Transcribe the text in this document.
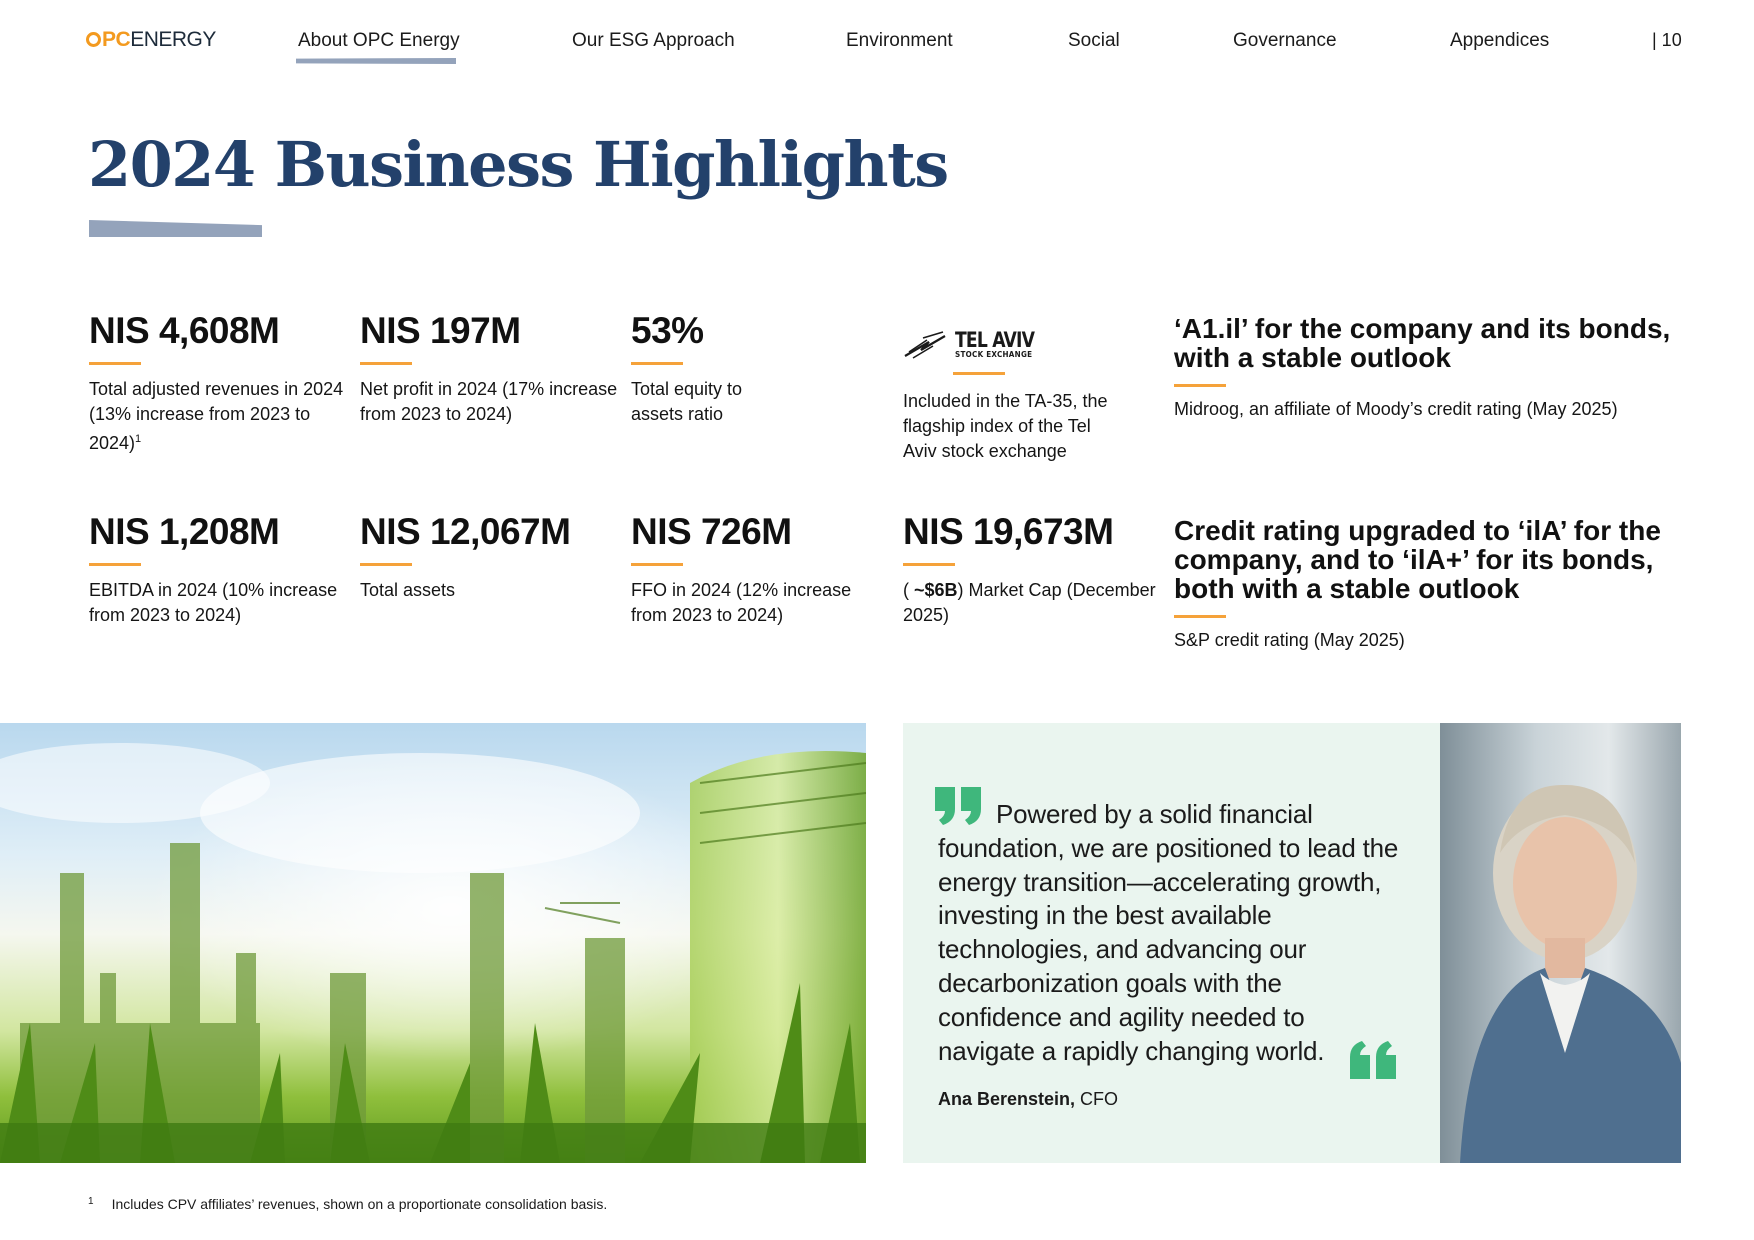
PCENERGY	About OPC Energy	Our ESG Approach	Environment	Social	Governance	Appendices	| 10
2024 Business Highlights
NIS 4,608M
Total adjusted revenues in 2024 (13% increase from 2023 to 2024)$^1$
NIS 197M
Net profit in 2024 (17% increase from 2023 to 2024)
53%
Total equity to assets ratio
TEL AVIV
STOCK EXCHANGE
Included in the TA-35, the flagship index of the Tel Aviv stock exchange
‘A1.il’ for the company and its bonds, with a stable outlook
Midroog, an affiliate of Moody’s credit rating (May 2025)
NIS 1,208M
EBITDA in 2024 (10% increase from 2023 to 2024)
NIS 12,067M
Total assets
NIS 726M
FFO in 2024 (12% increase from 2023 to 2024)
NIS 19,673M
( ~$6B) Market Cap (December 2025)
Credit rating upgraded to ‘ilA’ for the company, and to ‘ilA+’ for its bonds, both with a stable outlook
S&P credit rating (May 2025)
Powered by a solid financial foundation, we are positioned to lead the energy transition—accelerating growth, investing in the best available technologies, and advancing our decarbonization goals with the confidence and agility needed to navigate a rapidly changing world.
Ana Berenstein, CFO
$^1$ Includes CPV affiliates’ revenues, shown on a proportionate consolidation basis.
